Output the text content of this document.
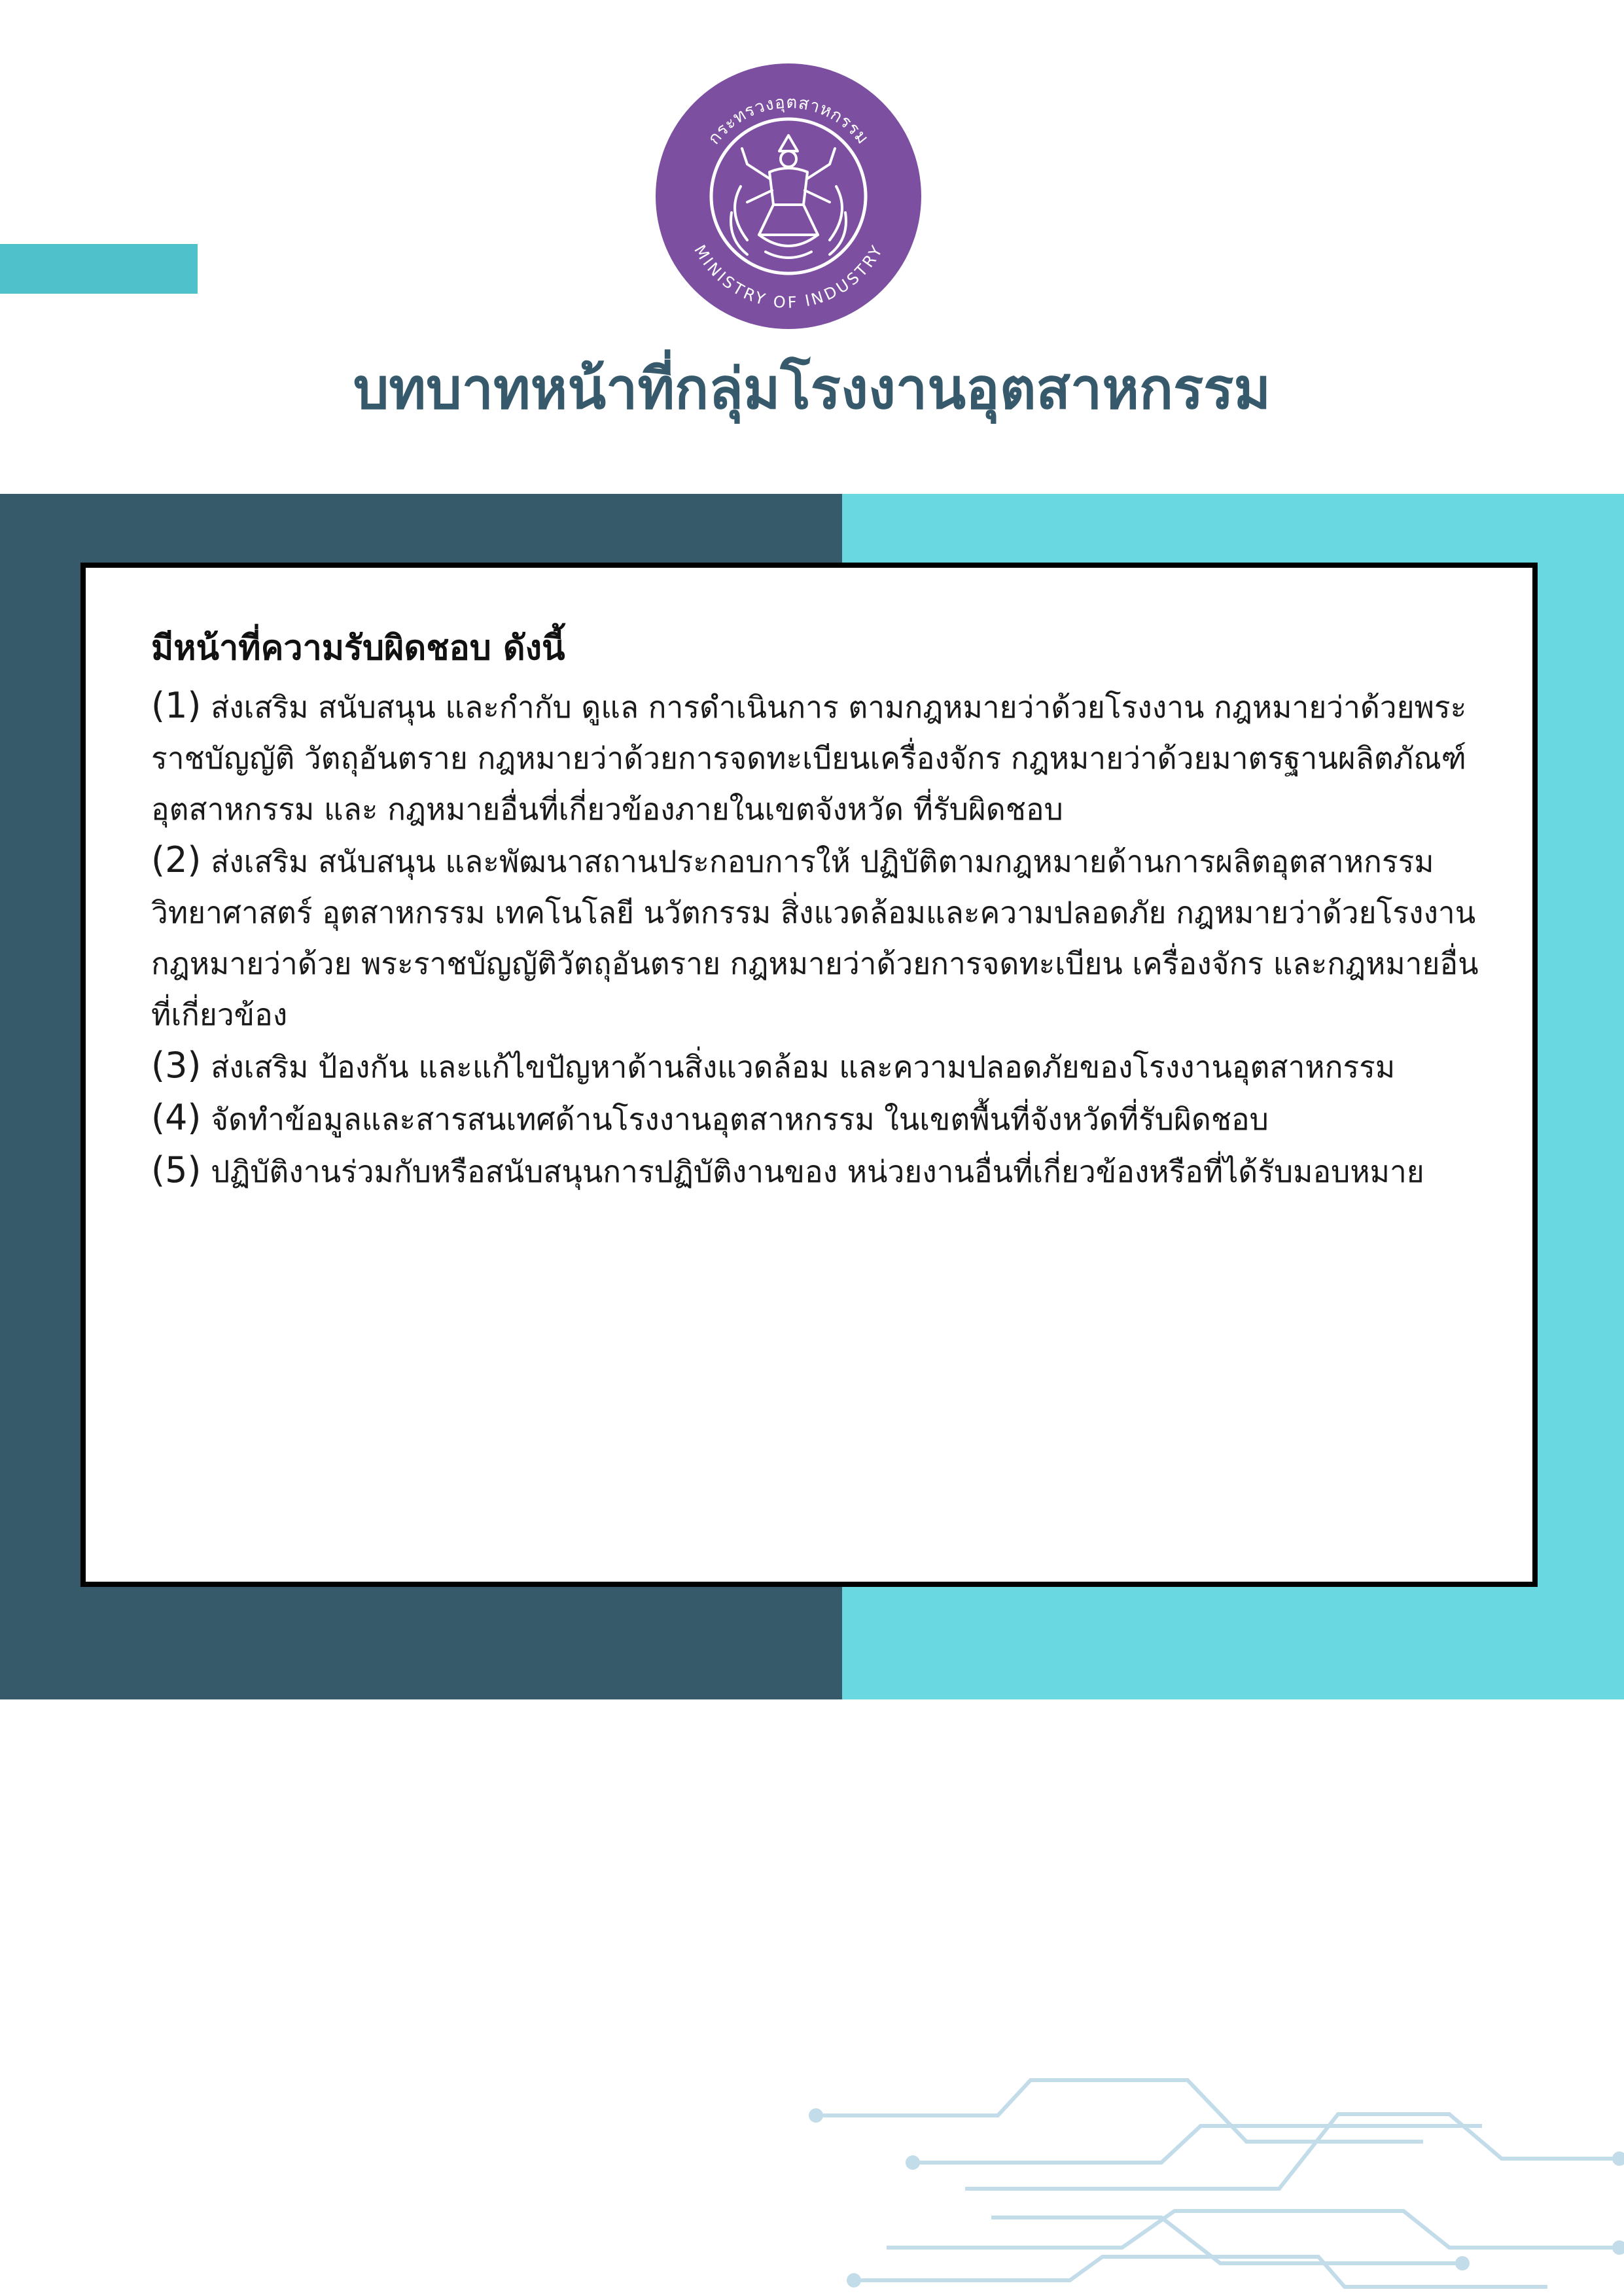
กระทรวงอุตสาหกรรม
MINISTRY OF INDUSTRY
บทบาทหน้าที่กลุ่มโรงงานอุตสาหกรรม
มีหน้าที่ความรับผิดชอบ ดังนี้
(1) ส่งเสริม สนับสนุน และกำกับ ดูแล การดำเนินการ ตามกฎหมายว่าด้วยโรงงาน กฎหมายว่าด้วยพระราชบัญญัติ วัตถุอันตราย กฎหมายว่าด้วยการจดทะเบียนเครื่องจักร กฎหมายว่าด้วยมาตรฐานผลิตภัณฑ์อุตสาหกรรม และ กฎหมายอื่นที่เกี่ยวข้องภายในเขตจังหวัด ที่รับผิดชอบ
(2) ส่งเสริม สนับสนุน และพัฒนาสถานประกอบการให้ ปฏิบัติตามกฎหมายด้านการผลิตอุตสาหกรรม วิทยาศาสตร์ อุตสาหกรรม เทคโนโลยี นวัตกรรม สิ่งแวดล้อมและความปลอดภัย กฎหมายว่าด้วยโรงงาน กฎหมายว่าด้วย พระราชบัญญัติวัตถุอันตราย กฎหมายว่าด้วยการจดทะเบียน เครื่องจักร และกฎหมายอื่นที่เกี่ยวข้อง
(3) ส่งเสริม ป้องกัน และแก้ไขปัญหาด้านสิ่งแวดล้อม และความปลอดภัยของโรงงานอุตสาหกรรม
(4) จัดทำข้อมูลและสารสนเทศด้านโรงงานอุตสาหกรรม ในเขตพื้นที่จังหวัดที่รับผิดชอบ
(5) ปฏิบัติงานร่วมกับหรือสนับสนุนการปฏิบัติงานของ หน่วยงานอื่นที่เกี่ยวข้องหรือที่ได้รับมอบหมาย
